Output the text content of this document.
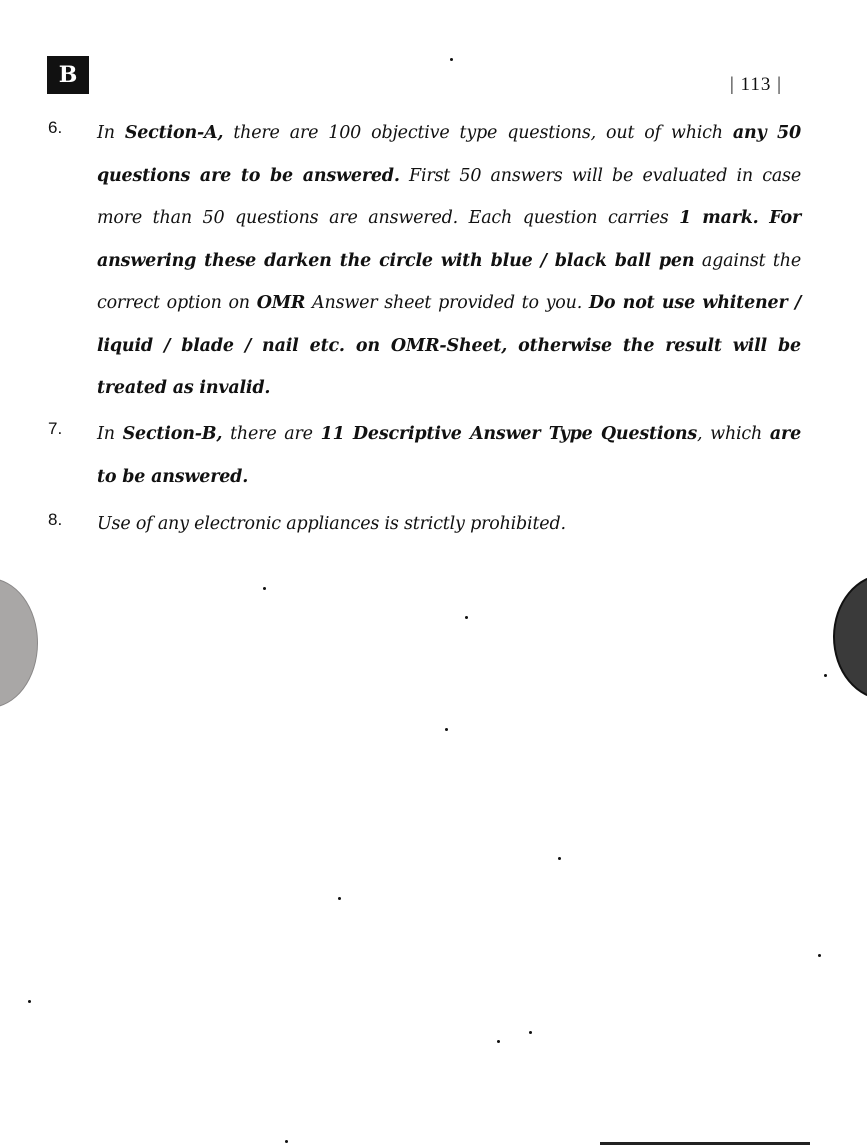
B	| 113 |
6. In Section-A, there are 100 objective type questions, out of which any 50 questions are to be answered. First 50 answers will be evaluated in case more than 50 questions are answered. Each question carries 1 mark. For answering these darken the circle with blue / black ball pen against the correct option on OMR Answer sheet provided to you. Do not use whitener / liquid / blade / nail etc. on OMR-Sheet, otherwise the result will be treated as invalid.
7. In Section-B, there are 11 Descriptive Answer Type Questions, which are to be answered.
8. Use of any electronic appliances is strictly prohibited.
